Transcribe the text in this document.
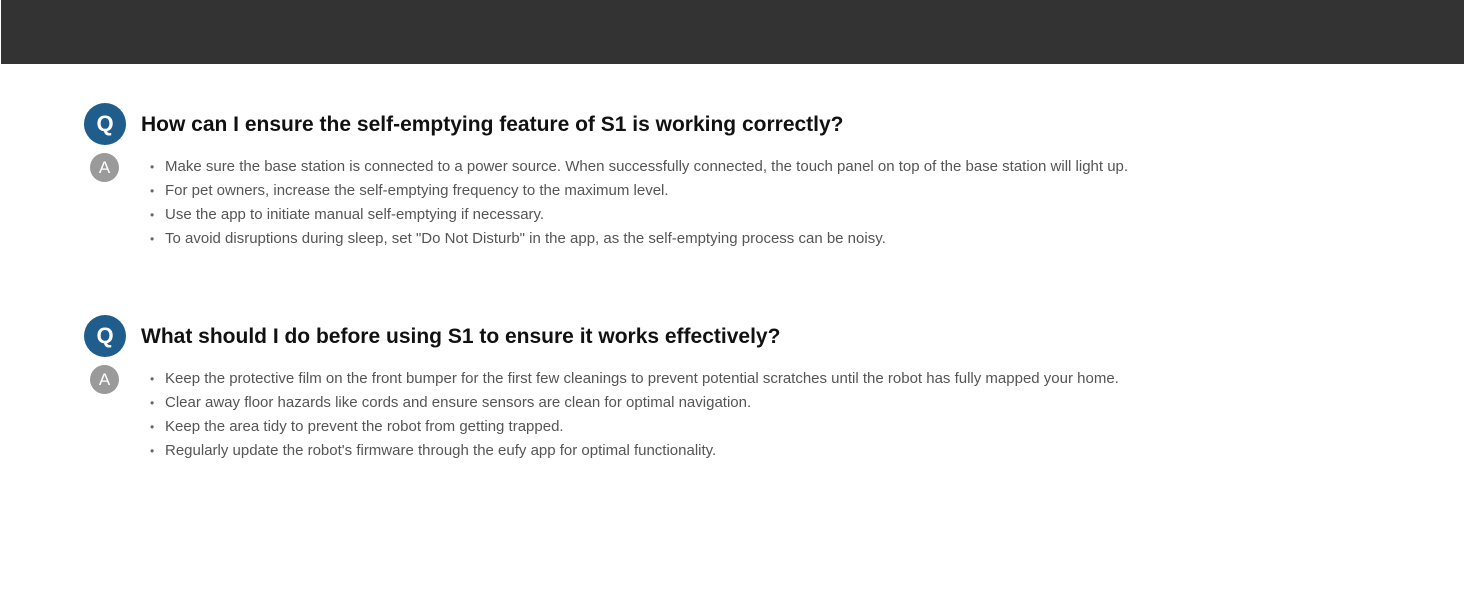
Q	How can I ensure the self-emptying feature of S1 is working correctly?
A	• Make sure the base station is connected to a power source. When successfully connected, the touch panel on top of the base station will light up.
• For pet owners, increase the self-emptying frequency to the maximum level.
• Use the app to initiate manual self-emptying if necessary.
• To avoid disruptions during sleep, set "Do Not Disturb" in the app, as the self-emptying process can be noisy.
Q	What should I do before using S1 to ensure it works effectively?
A	• Keep the protective film on the front bumper for the first few cleanings to prevent potential scratches until the robot has fully mapped your home.
• Clear away floor hazards like cords and ensure sensors are clean for optimal navigation.
• Keep the area tidy to prevent the robot from getting trapped.
• Regularly update the robot's firmware through the eufy app for optimal functionality.
